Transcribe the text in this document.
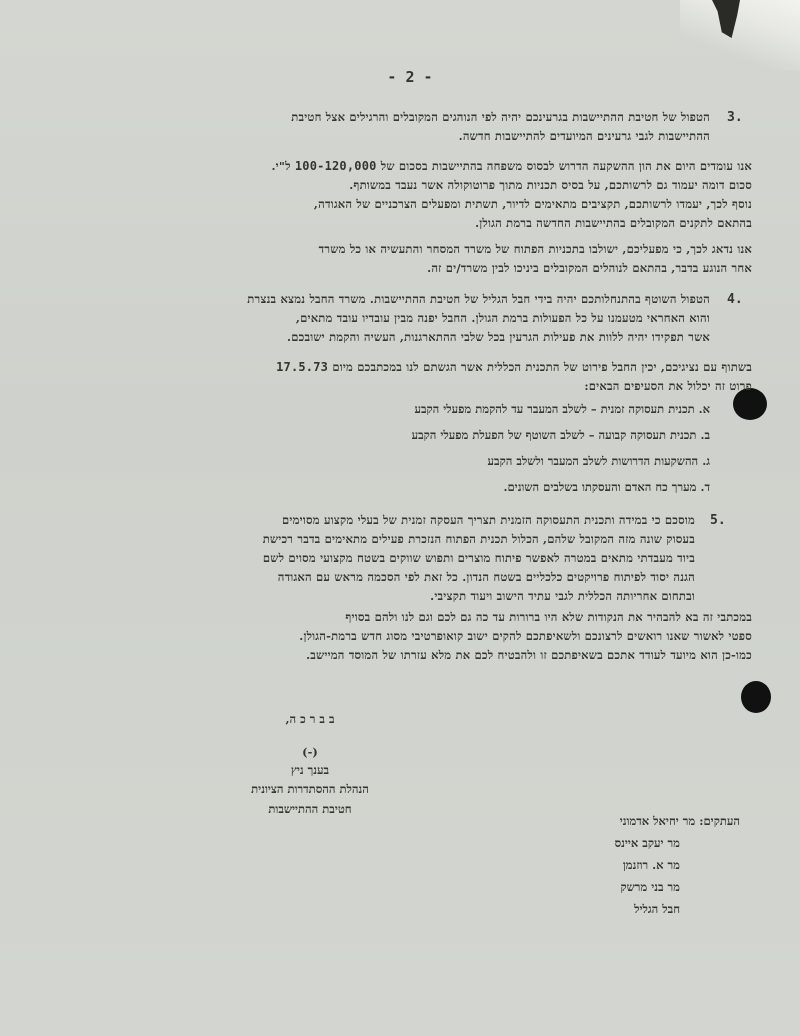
- 2 -
3.
הטפול של חטיבת ההתיישבות בגרעינכם יהיה לפי הנוהגים המקובלים והרגילים אצל חטיבת
ההתיישבות לגבי גרעינים המיועדים להתיישבות חדשה.
אנו עומדים היום את הון ההשקעה הדרוש לבסוס משפחה בהתיישבות בסכום של 100-120,000 ל"י.
סכום דומה יעמוד גם לרשותכם, על בסיס תכניות מתוך פרוטוקולה אשר נעבד במשותף.
נוסף לכך, יעמדו לרשותכם, תקציבים מתאימים לדיור, תשתית ומפעלים הצרכניים של האגודה,
בהתאם לתקנים המקובלים בהתיישבות החדשה ברמת הגולן.
אנו נדאג לכך, כי מפעליכם, ישולבו בתכניות הפתוח של משרד המסחר והתעשיה או כל משרד
אחר הנוגע בדבר, בהתאם לנוהלים המקובלים ביניכו לבין משרד/ים זה.
4.
הטפול השוטף בהתנחלותכם יהיה בידי חבל הגליל של חטיבת ההתיישבות. משרד החבל נמצא בנצרת
והוא האחראי מטעמנו על כל הפעולות ברמת הגולן. החבל יפנה מבין עובדיו עובד מתאים,
אשר תפקידו יהיה ללוות את פעילות הגרעין בכל שלבי ההתארגנות, העשיה והקמת ישובכם.
בשתוף עם נציגיכם, יכין החבל פירוט של התכנית הכללית אשר הגשתם לנו במכתבכם מיום 17.5.73
פרוט זה יכלול את הסעיפים הבאים:
א. תכנית תעסוקה זמנית – לשלב המעבר עד להקמת מפעלי הקבע
ב. תכנית תעסוקה קבועה – לשלב השוטף של הפעלת מפעלי הקבע
ג. ההשקעות הדרושות לשלב המעבר ולשלב הקבע
ד. מערך כח האדם והעסקתו בשלבים השונים.
5.
מוסכם כי במידה ותכנית התעסוקה הזמנית תצריך העסקה זמנית של בעלי מקצוע מסוימים
בעסוק שונה מזה המקובל שלהם, הכלול תכנית הפתוח הנזכרת פעילים מתאימים בדבר רכישת
ביוד מעבדתי מתאים במטרה לאפשר פיתוח מוצרים ותפוש שווקים בשטח מקצועי מסוים לשם
הגנה יסוד לפיתוח פרויקטים כלכליים בשטח הנדון. כל זאת לפי הסכמה מראש עם האגודה
ובתחום אחריותה הכללית לגבי עתיד הישוב ויעוד תקציבי.
במכתבי זה בא להבהיר את הנקודות שלא היו ברורות עד כה גם לכם וגם לנו ולהם בסויף
ספטי לאשור שאנו רואשים לרצונכם ולשאיפתכם להקים ישוב קואופרטיבי מסוג חדש ברמת-הגולן.
כמו-כן הוא מיועד לעודד אתכם בשאיפתכם זו ולהבטיח לכם את מלא עזרתו של המוסד המיישב.
ב ב ר כ ה,
(-)
בענך ניץ
הנהלת ההסתדרות הציונית
חטיבת ההתיישבות
העתקים: מר יחיאל אדמוני
מר יעקב איינס
מר א. רוזנמן
מר בני מרשק
חבל הגליל
